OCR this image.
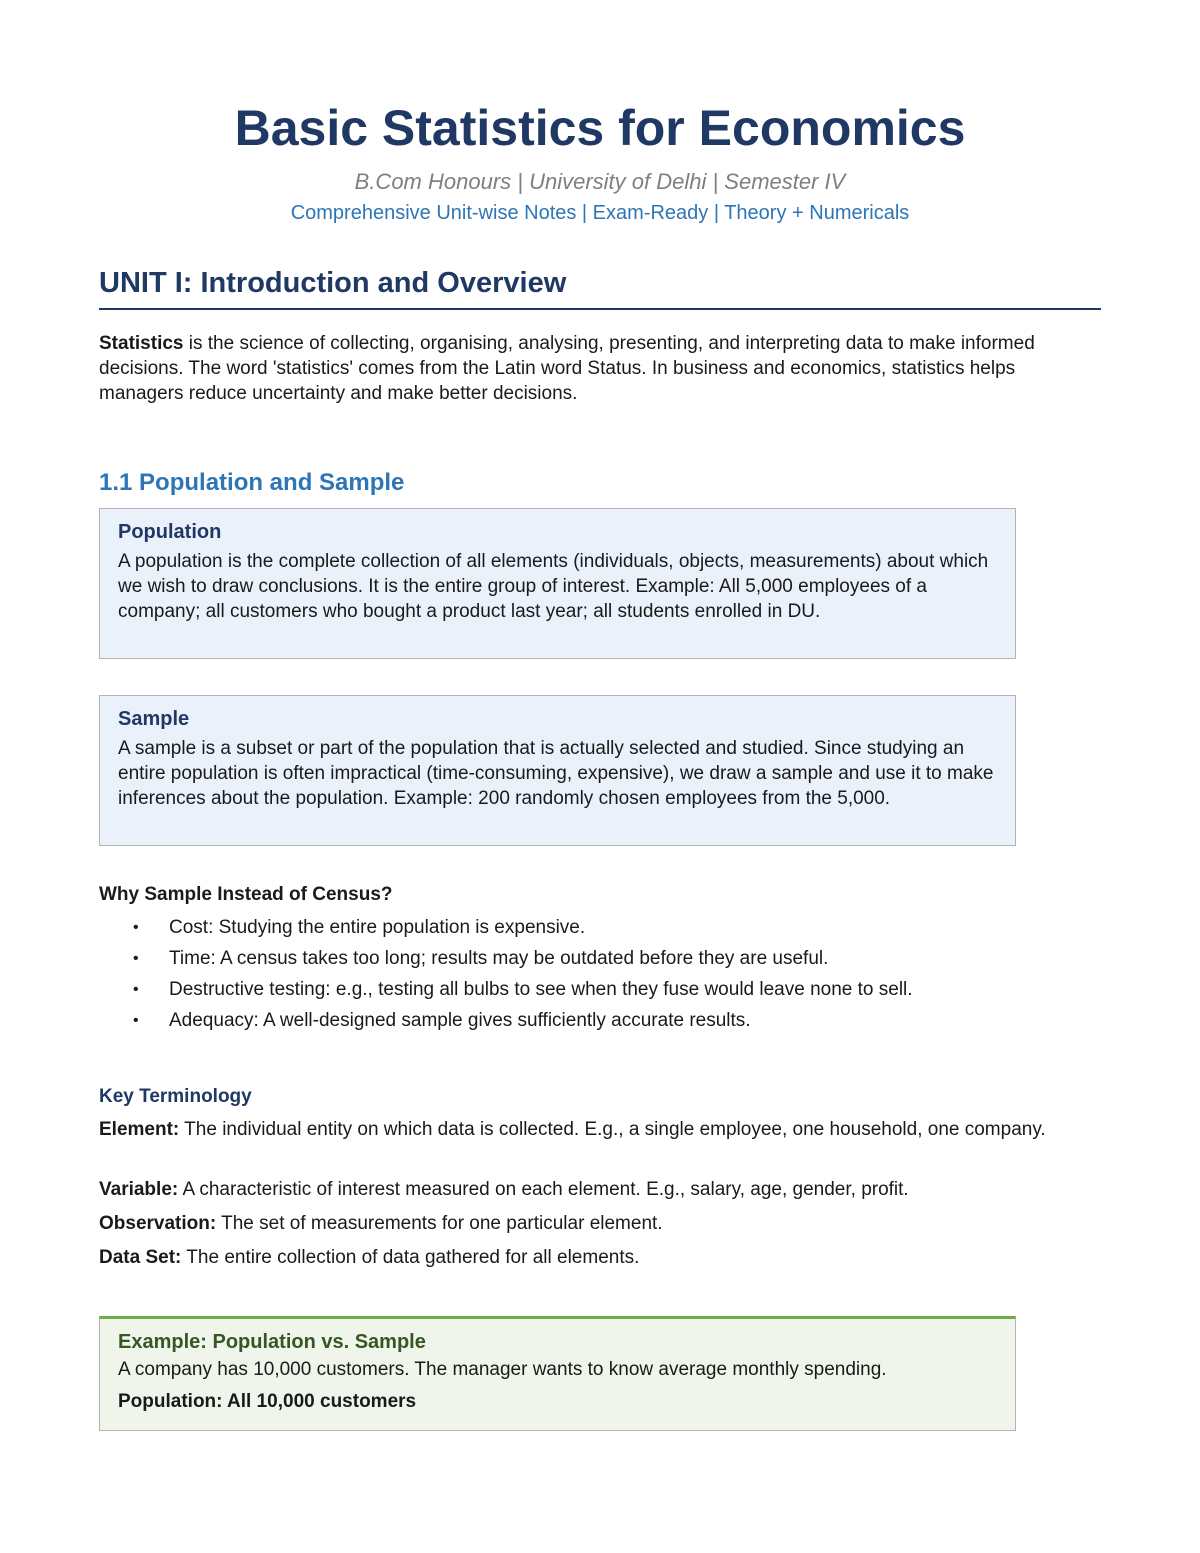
Basic Statistics for Economics
B.Com Honours | University of Delhi | Semester IV
Comprehensive Unit-wise Notes | Exam-Ready | Theory + Numericals
UNIT I: Introduction and Overview

Statistics is the science of collecting, organising, analysing, presenting, and interpreting data to make informed decisions. The word 'statistics' comes from the Latin word Status. In business and economics, statistics helps managers reduce uncertainty and make better decisions.

1.1 Population and Sample
Population

A population is the complete collection of all elements (individuals, objects, measurements) about which we wish to draw conclusions. It is the entire group of interest. Example: All 5,000 employees of a company; all customers who bought a product last year; all students enrolled in DU.

Sample

A sample is a subset or part of the population that is actually selected and studied. Since studying an entire population is often impractical (time-consuming, expensive), we draw a sample and use it to make inferences about the population. Example: 200 randomly chosen employees from the 5,000.

Why Sample Instead of Census?
• Cost: Studying the entire population is expensive.
• Time: A census takes too long; results may be outdated before they are useful.
• Destructive testing: e.g., testing all bulbs to see when they fuse would leave none to sell.
• Adequacy: A well-designed sample gives sufficiently accurate results.
Key Terminology

Element: The individual entity on which data is collected. E.g., a single employee, one household, one company.

Variable: A characteristic of interest measured on each element. E.g., salary, age, gender, profit.

Observation: The set of measurements for one particular element.

Data Set: The entire collection of data gathered for all elements.

Example: Population vs. Sample

A company has 10,000 customers. The manager wants to know average monthly spending.

Population: All 10,000 customers
